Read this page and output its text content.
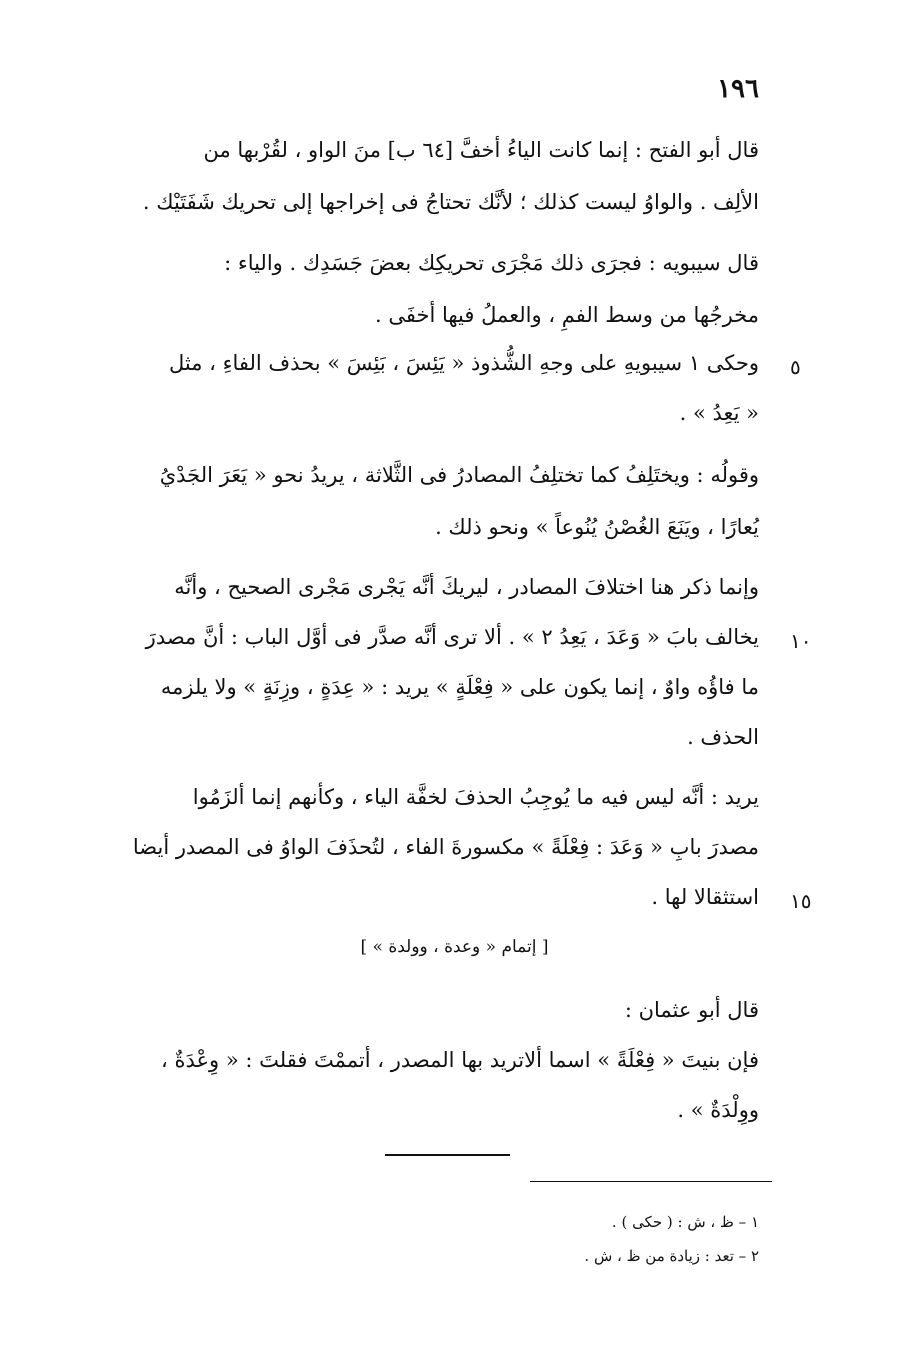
١٩٦
قال أبو الفتح : إنما كانت الياءُ أخفَّ [٦٤ ب] منَ الواو ، لقُرْبها من
الألِف . والواوُ ليست كذلك ؛ لأنَّك تحتاجُ فى إخراجها إلى تحريك شَفَتَيْك .
قال سيبويه : فجرَى ذلك مَجْرَى تحريكِك بعضَ جَسَدِك . والياء :
مخرجُها من وسط الفمِ ، والعملُ فيها أخفَى .
وحكى ١ سيبويهِ على وجهِ الشُّذوذ « يَئِسَ ، بَئِسَ » بحذف الفاءِ ، مثل
« يَعِدُ » .
وقولُه : ويختَلِفُ كما تختلِفُ المصادرُ فى الثَّلاثة ، يريدُ نحو « يَعَرَ الجَدْيُ
يُعارًا ، ويَنَعَ الغُصْنُ يُنُوعاً » ونحو ذلك .
وإنما ذكر هنا اختلافَ المصادر ، ليريكَ أنَّه يَجْرى مَجْرى الصحيح ، وأنَّه
يخالف بابَ « وَعَدَ ، يَعِدُ ٢ » . ألا ترى أنَّه صدَّر فى أوَّل الباب : أنَّ مصدرَ
ما فاؤُه واوٌ ، إنما يكون على « فِعْلَةٍ » يريد : « عِدَةٍ ، وزِنَةٍ » ولا يلزمه
الحذف .
يريد : أنَّه ليس فيه ما يُوجِبُ الحذفَ لخفَّة الياء ، وكأنهم إنما ألزَمُوا
مصدرَ بابِ « وَعَدَ : فِعْلَةً » مكسورةَ الفاء ، لتُحذَفَ الواوُ فى المصدر أيضا
استثقالا لها .
قال أبو عثمان :
فإن بنيتَ « فِعْلَةً » اسما ألاتريد بها المصدر ، أتممْتَ فقلتَ : « وِعْدَةٌ ،
ووِلْدَةٌ » .
٥
١٠
١٥
[ إتمام « وعدة ، وولدة » ]
١ – ظ ، ش : ( حكى ) .
٢ – تعد : زيادة من ظ ، ش .
